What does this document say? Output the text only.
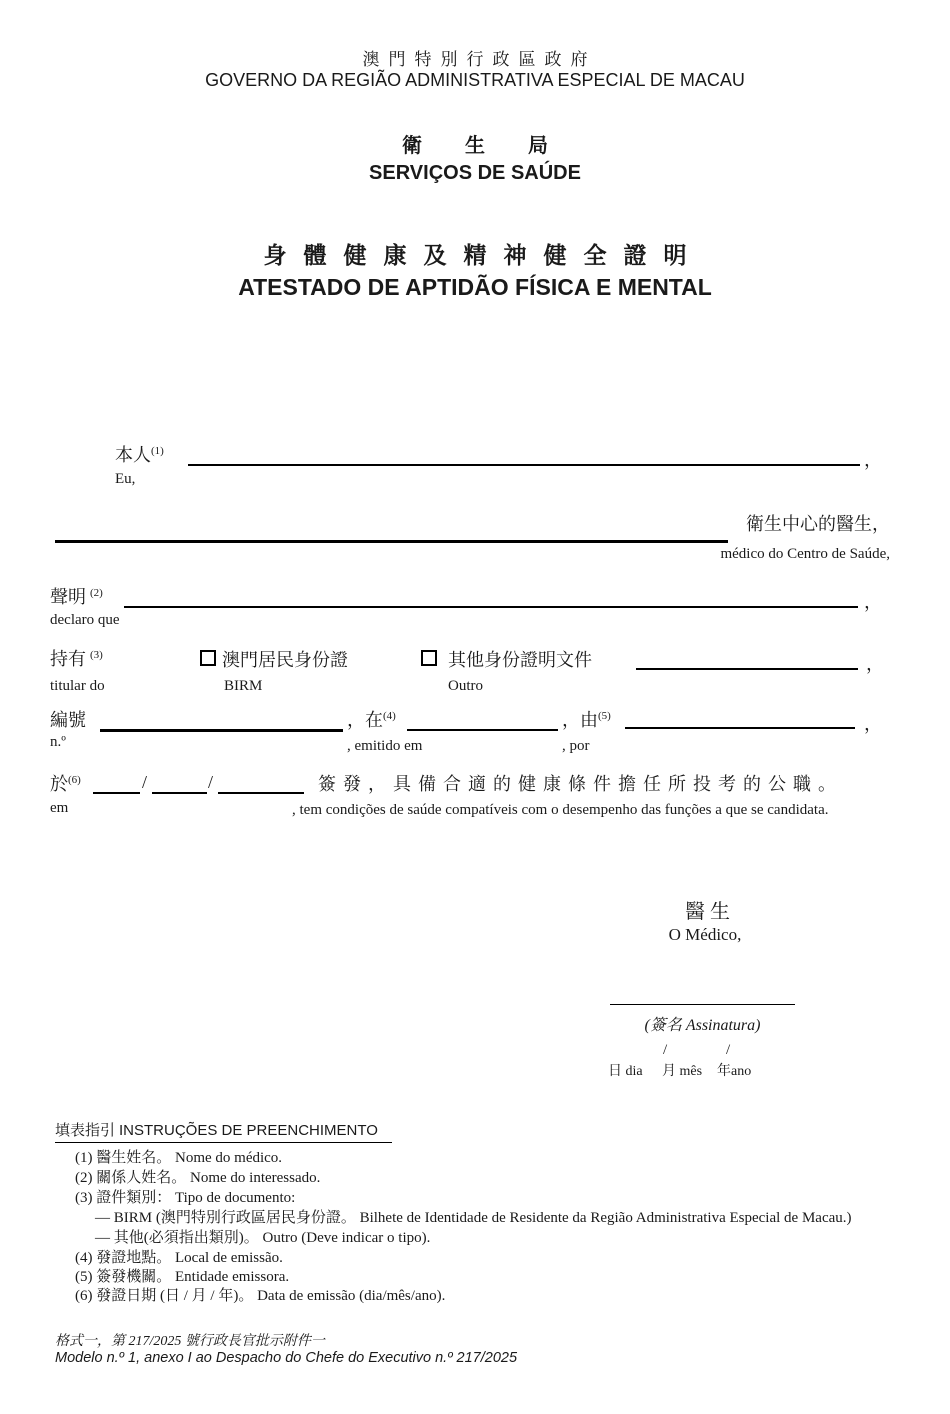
澳門特別行政區政府
GOVERNO DA REGIÃO ADMINISTRATIVA ESPECIAL DE MACAU
衛生局
SERVIÇOS DE SAÚDE
身體健康及精神健全證明
ATESTADO DE APTIDÃO FÍSICA E MENTAL
本人$^{(1)}$	，
Eu,
衛生中心的醫生，
médico do Centro de Saúde,
聲明 $^{(2)}$	，
declaro que
持有 $^{(3)}$	澳門居民身份證	其他身份證明文件	，
titular do	BIRM	Outro
編號	，在$^{(4)}$	，由$^{(5)}$	，
n.º	, emitido em	, por
於$^{(6)}$	/	/	簽發，具備合適的健康條件擔任所投考的公職。
em	, tem condições de saúde compatíveis com o desempenho das funções a que se candidata.
醫生
O Médico,
(簽名 Assinatura)
/	/
日 dia 月 mês 年ano
填表指引 INSTRUÇÕES DE PREENCHIMENTO
(1) 醫生姓名。 Nome do médico.
(2) 關係人姓名。 Nome do interessado.
(3) 證件類別： Tipo de documento:
— BIRM (澳門特別行政區居民身份證。 Bilhete de Identidade de Residente da Região Administrativa Especial de Macau.)
— 其他(必須指出類別)。 Outro (Deve indicar o tipo).
(4) 發證地點。 Local de emissão.
(5) 簽發機關。 Entidade emissora.
(6) 發證日期 (日 / 月 / 年)。 Data de emissão (dia/mês/ano).
格式一，第 217/2025 號行政長官批示附件一
Modelo n.º 1, anexo I ao Despacho do Chefe do Executivo n.º 217/2025
